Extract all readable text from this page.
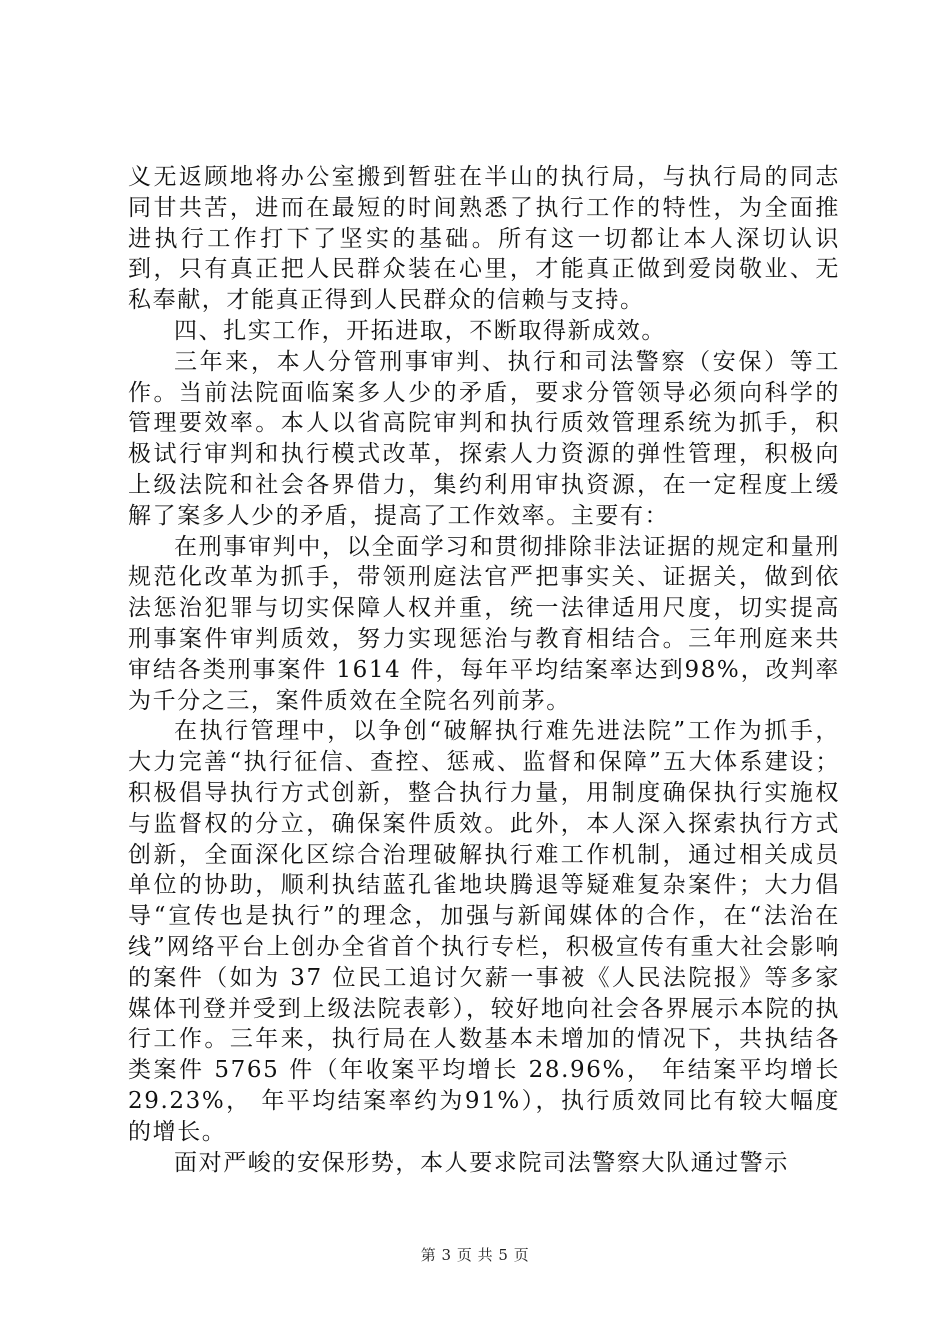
义无返顾地将办公室搬到暂驻在半山的执行局，与执行局的同志同甘共苦，进而在最短的时间熟悉了执行工作的特性，为全面推进执行工作打下了坚实的基础。所有这一切都让本人深切认识到，只有真正把人民群众装在心里，才能真正做到爱岗敬业、无私奉献，才能真正得到人民群众的信赖与支持。

四、扎实工作，开拓进取，不断取得新成效。

三年来，本人分管刑事审判、执行和司法警察（安保）等工作。当前法院面临案多人少的矛盾，要求分管领导必须向科学的管理要效率。本人以省高院审判和执行质效管理系统为抓手，积极试行审判和执行模式改革，探索人力资源的弹性管理，积极向上级法院和社会各界借力，集约利用审执资源，在一定程度上缓解了案多人少的矛盾，提高了工作效率。主要有：

在刑事审判中，以全面学习和贯彻排除非法证据的规定和量刑规范化改革为抓手，带领刑庭法官严把事实关、证据关，做到依法惩治犯罪与切实保障人权并重，统一法律适用尺度，切实提高刑事案件审判质效，努力实现惩治与教育相结合。三年刑庭来共审结各类刑事案件 1614 件，每年平均结案率达到98%，改判率为千分之三，案件质效在全院名列前茅。

在执行管理中，以争创“破解执行难先进法院”工作为抓手，大力完善“执行征信、查控、惩戒、监督和保障”五大体系建设；积极倡导执行方式创新，整合执行力量，用制度确保执行实施权与监督权的分立，确保案件质效。此外，本人深入探索执行方式创新，全面深化区综合治理破解执行难工作机制，通过相关成员单位的协助，顺利执结蓝孔雀地块腾退等疑难复杂案件；大力倡导“宣传也是执行”的理念，加强与新闻媒体的合作，在“法治在线”网络平台上创办全省首个执行专栏，积极宣传有重大社会影响的案件（如为 37 位民工追讨欠薪一事被《人民法院报》等多家媒体刊登并受到上级法院表彰），较好地向社会各界展示本院的执行工作。三年来，执行局在人数基本未增加的情况下，共执结各类案件 5765 件（年收案平均增长 28.96%， 年结案平均增长 29.23%， 年平均结案率约为91%），执行质效同比有较大幅度的增长。

面对严峻的安保形势，本人要求院司法警察大队通过警示

第 3 页 共 5 页
